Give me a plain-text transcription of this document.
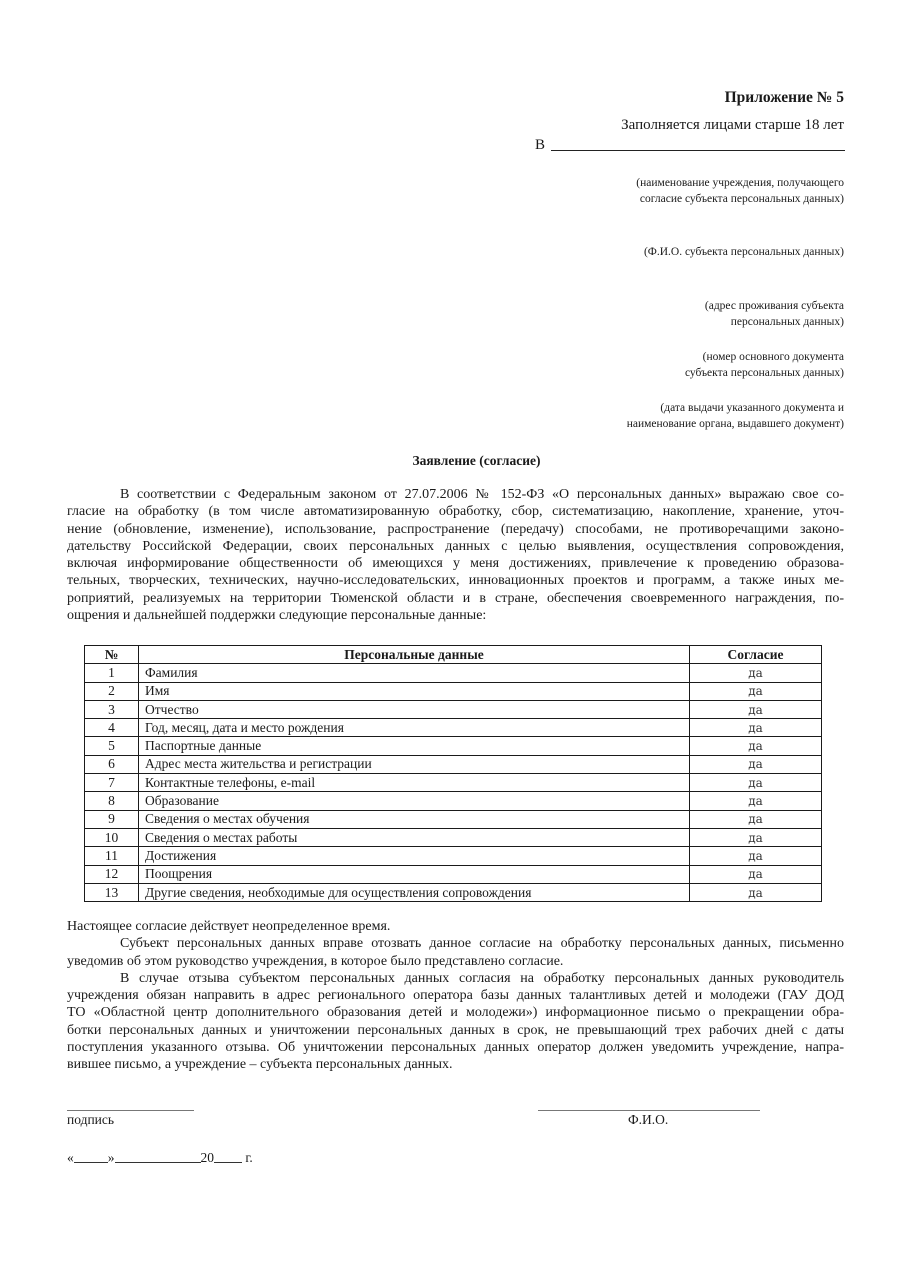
Приложение № 5
Заполняется лицами старше 18 лет
В
(наименование учреждения, получающего
согласие субъекта персональных данных)
(Ф.И.О. субъекта персональных данных)
(адрес проживания субъекта
персональных данных)
(номер основного документа
субъекта персональных данных)
(дата выдачи указанного документа и
наименование органа, выдавшего документ)
Заявление (согласие)
В соответствии с Федеральным законом от 27.07.2006 № 152-ФЗ «О персональных данных» выражаю свое со-
гласие на обработку (в том числе автоматизированную обработку, сбор, систематизацию, накопление, хранение, уточ-
нение (обновление, изменение), использование, распространение (передачу) способами, не противоречащими законо-
дательству Российской Федерации, своих персональных данных с целью выявления, осуществления сопровождения,
включая информирование общественности об имеющихся у меня достижениях, привлечение к проведению образова-
тельных, творческих, технических, научно-исследовательских, инновационных проектов и программ, а также иных ме-
роприятий, реализуемых на территории Тюменской области и в стране, обеспечения своевременного награждения, по-
ощрения и дальнейшей поддержки следующие персональные данные:
№	Персональные данные	Согласие
1	Фамилия	да
2	Имя	да
3	Отчество	да
4	Год, месяц, дата и место рождения	да
5	Паспортные данные	да
6	Адрес места жительства и регистрации	да
7	Контактные телефоны, e-mail	да
8	Образование	да
9	Сведения о местах обучения	да
10	Сведения о местах работы	да
11	Достижения	да
12	Поощрения	да
13	Другие сведения, необходимые для осуществления сопровождения	да
Настоящее согласие действует неопределенное время.
Субъект персональных данных вправе отозвать данное согласие на обработку персональных данных, письменно
уведомив об этом руководство учреждения, в которое было представлено согласие.
В случае отзыва субъектом персональных данных согласия на обработку персональных данных руководитель
учреждения обязан направить в адрес регионального оператора базы данных талантливых детей и молодежи (ГАУ ДОД
ТО «Областной центр дополнительного образования детей и молодежи») информационное письмо о прекращении обра-
ботки персональных данных и уничтожении персональных данных в срок, не превышающий трех рабочих дней с даты
поступления указанного отзыва. Об уничтожении персональных данных оператор должен уведомить учреждение, напра-
вившее письмо, а учреждение – субъекта персональных данных.
подпись	Ф.И.О.
«	»	20 г.
